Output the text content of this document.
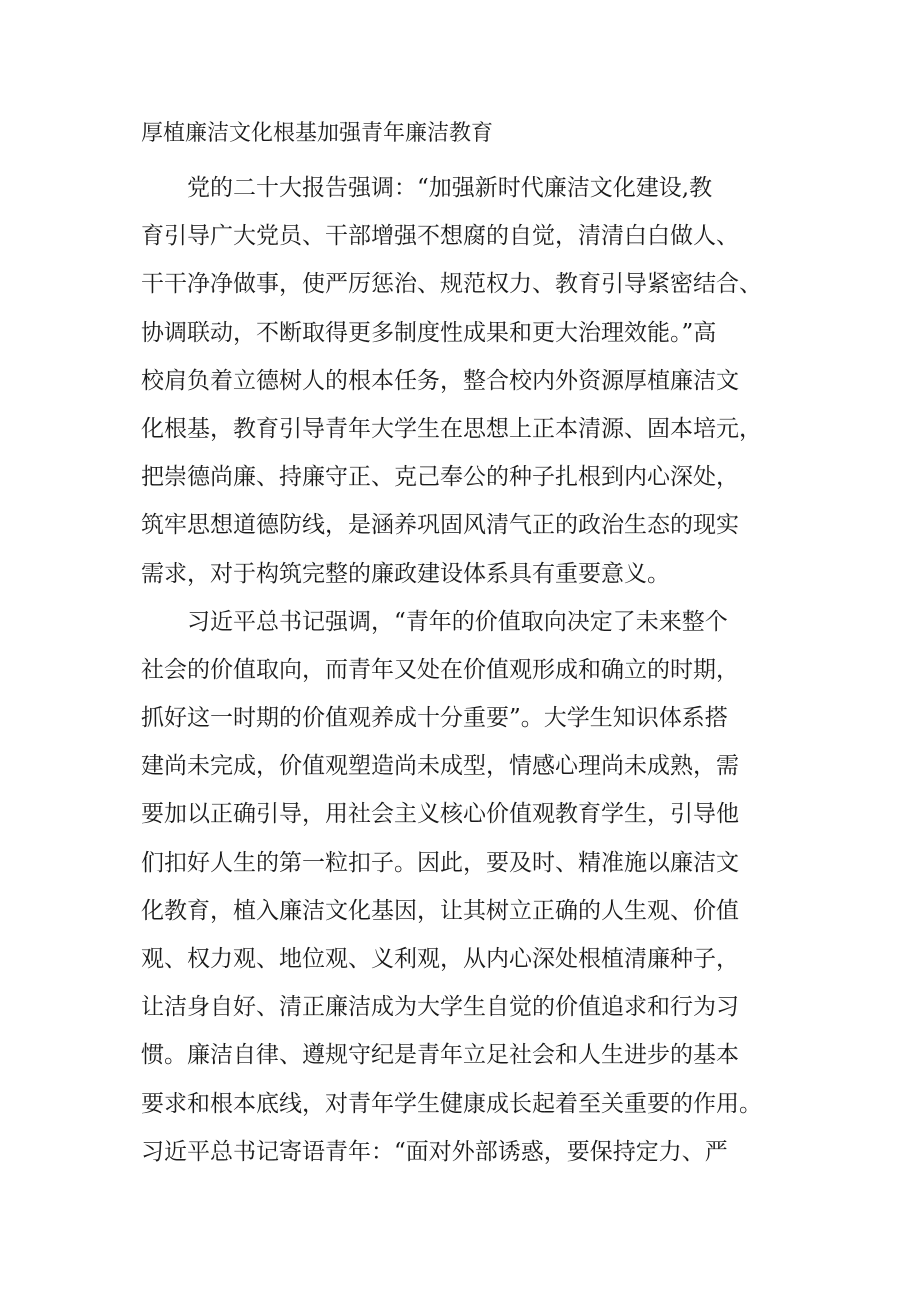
厚植廉洁文化根基加强青年廉洁教育
党的二十大报告强调：“加强新时代廉洁文化建设,教
育引导广大党员、干部增强不想腐的自觉，清清白白做人、
干干净净做事，使严厉惩治、规范权力、教育引导紧密结合、
协调联动，不断取得更多制度性成果和更大治理效能。”高
校肩负着立德树人的根本任务，整合校内外资源厚植廉洁文
化根基，教育引导青年大学生在思想上正本清源、固本培元，
把崇德尚廉、持廉守正、克己奉公的种子扎根到内心深处，
筑牢思想道德防线，是涵养巩固风清气正的政治生态的现实
需求，对于构筑完整的廉政建设体系具有重要意义。
习近平总书记强调，“青年的价值取向决定了未来整个
社会的价值取向，而青年又处在价值观形成和确立的时期，
抓好这一时期的价值观养成十分重要”。大学生知识体系搭
建尚未完成，价值观塑造尚未成型，情感心理尚未成熟，需
要加以正确引导，用社会主义核心价值观教育学生，引导他
们扣好人生的第一粒扣子。因此，要及时、精准施以廉洁文
化教育，植入廉洁文化基因，让其树立正确的人生观、价值
观、权力观、地位观、义利观，从内心深处根植清廉种子，
让洁身自好、清正廉洁成为大学生自觉的价值追求和行为习
惯。廉洁自律、遵规守纪是青年立足社会和人生进步的基本
要求和根本底线，对青年学生健康成长起着至关重要的作用。
习近平总书记寄语青年：“面对外部诱惑，要保持定力、严
